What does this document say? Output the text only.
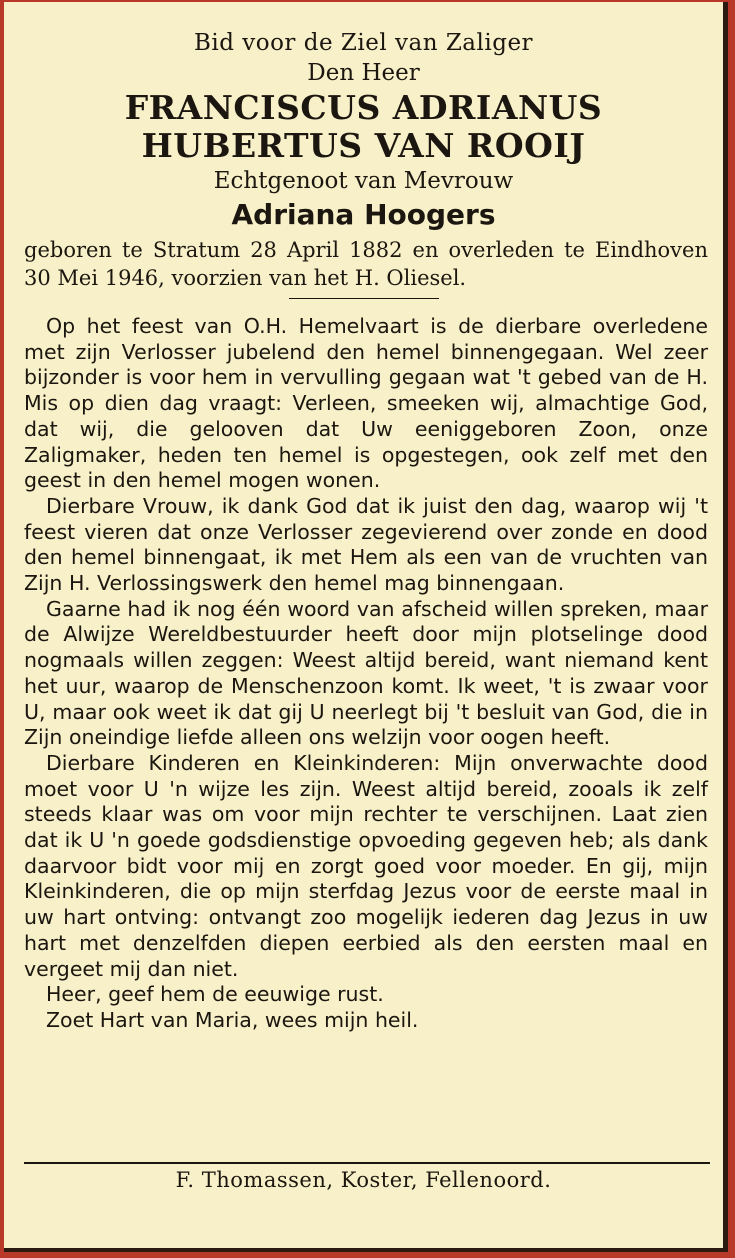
Bid voor de Ziel van Zaliger
Den Heer
FRANCISCUS ADRIANUS
HUBERTUS VAN ROOIJ
Echtgenoot van Mevrouw
Adriana Hoogers
geboren te Stratum 28 April 1882 en overleden te Eindhoven 30 Mei 1946, voorzien van het H. Oliesel.

Op het feest van O.H. Hemelvaart is de dierbare overledene met zijn Verlosser jubelend den hemel binnengegaan. Wel zeer bijzonder is voor hem in vervulling gegaan wat 't gebed van de H. Mis op dien dag vraagt: Verleen, smeeken wij, almachtige God, dat wij, die gelooven dat Uw eeniggeboren Zoon, onze Zaligmaker, heden ten hemel is opgestegen, ook zelf met den geest in den hemel mogen wonen.

Dierbare Vrouw, ik dank God dat ik juist den dag, waarop wij 't feest vieren dat onze Verlosser zegevierend over zonde en dood den hemel binnengaat, ik met Hem als een van de vruchten van Zijn H. Verlossingswerk den hemel mag binnengaan.

Gaarne had ik nog één woord van afscheid willen spreken, maar de Alwijze Wereldbestuurder heeft door mijn plotselinge dood nogmaals willen zeggen: Weest altijd bereid, want niemand kent het uur, waarop de Menschenzoon komt. Ik weet, 't is zwaar voor U, maar ook weet ik dat gij U neerlegt bij 't besluit van God, die in Zijn oneindige liefde alleen ons welzijn voor oogen heeft.

Dierbare Kinderen en Kleinkinderen: Mijn onverwachte dood moet voor U 'n wijze les zijn. Weest altijd bereid, zooals ik zelf steeds klaar was om voor mijn rechter te verschijnen. Laat zien dat ik U 'n goede godsdienstige opvoeding gegeven heb; als dank daarvoor bidt voor mij en zorgt goed voor moeder. En gij, mijn Kleinkinderen, die op mijn sterfdag Jezus voor de eerste maal in uw hart ontving: ontvangt zoo mogelijk iederen dag Jezus in uw hart met denzelfden diepen eerbied als den eersten maal en vergeet mij dan niet.

Heer, geef hem de eeuwige rust.

Zoet Hart van Maria, wees mijn heil.

F. Thomassen, Koster, Fellenoord.
